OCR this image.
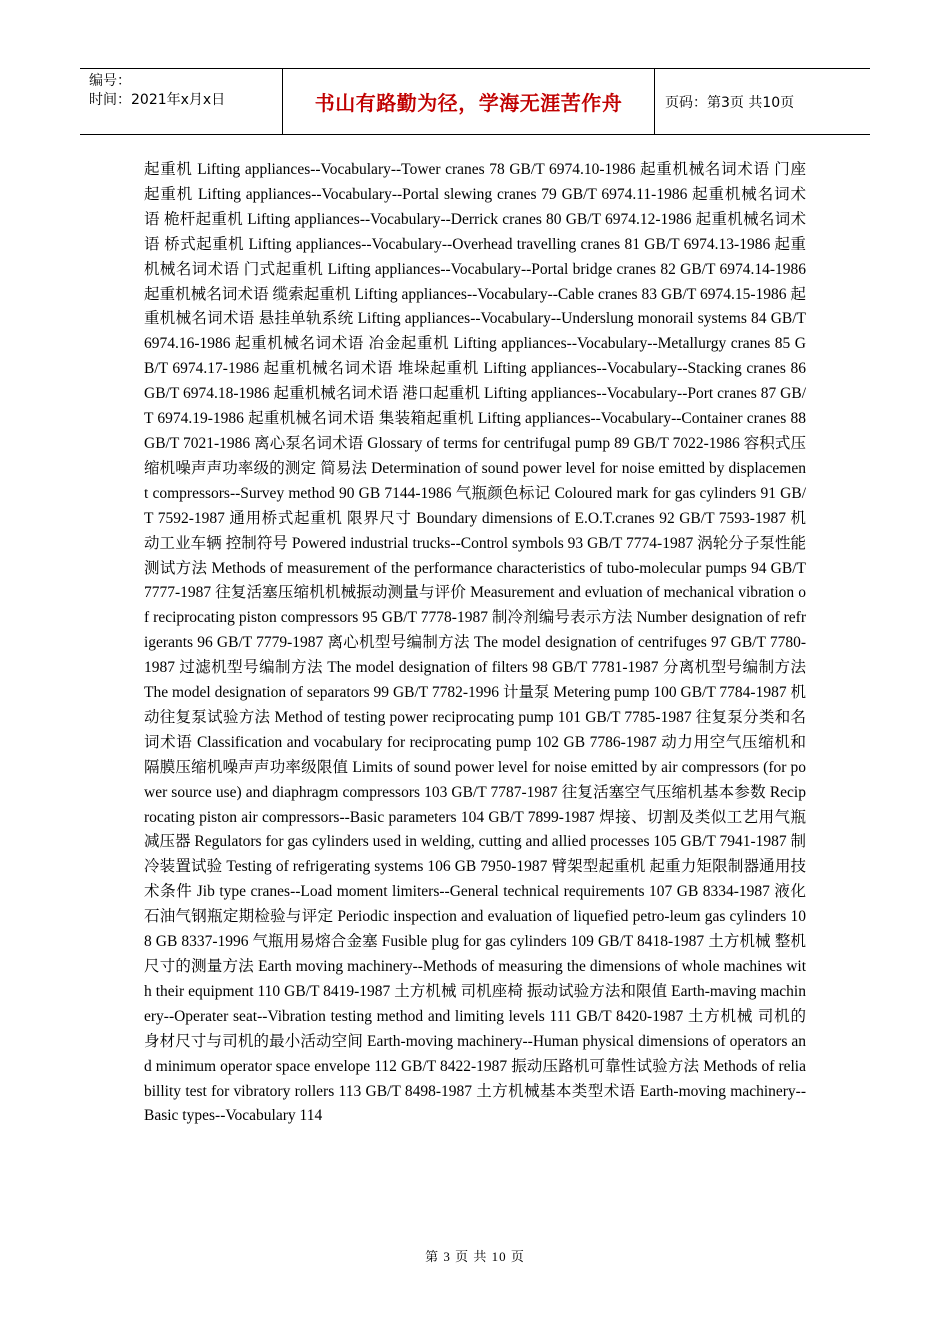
编号：
时间：2021年x月x日	书山有路勤为径，学海无涯苦作舟	页码：第3页 共10页
起重机 Lifting appliances--Vocabulary--Tower cranes 78 GB/T 6974.10-1986 起重机械名词术语 门座起重机 Lifting appliances--Vocabulary--Portal slewing cranes 79 GB/T 6974.11-1986 起重机械名词术语 桅杆起重机 Lifting appliances--Vocabulary--Derrick cranes 80 GB/T 6974.12-1986 起重机械名词术语 桥式起重机 Lifting appliances--Vocabulary--Overhead travelling cranes 81 GB/T 6974.13-1986 起重机械名词术语 门式起重机 Lifting appliances--Vocabulary--Portal bridge cranes 82 GB/T 6974.14-1986 起重机械名词术语 缆索起重机 Lifting appliances--Vocabulary--Cable cranes 83 GB/T 6974.15-1986 起重机械名词术语 悬挂单轨系统 Lifting appliances--Vocabulary--Underslung monorail systems 84 GB/T 6974.16-1986 起重机械名词术语 冶金起重机 Lifting appliances--Vocabulary--Metallurgy cranes 85 GB/T 6974.17-1986 起重机械名词术语 堆垛起重机 Lifting appliances--Vocabulary--Stacking cranes 86 GB/T 6974.18-1986 起重机械名词术语 港口起重机 Lifting appliances--Vocabulary--Port cranes 87 GB/T 6974.19-1986 起重机械名词术语 集装箱起重机 Lifting appliances--Vocabulary--Container cranes 88 GB/T 7021-1986 离心泵名词术语 Glossary of terms for centrifugal pump 89 GB/T 7022-1986 容积式压缩机噪声声功率级的测定 简易法 Determination of sound power level for noise emitted by displacement compressors--Survey method 90 GB 7144-1986 气瓶颜色标记 Coloured mark for gas cylinders 91 GB/T 7592-1987 通用桥式起重机 限界尺寸 Boundary dimensions of E.O.T.cranes 92 GB/T 7593-1987 机动工业车辆 控制符号 Powered industrial trucks--Control symbols 93 GB/T 7774-1987 涡轮分子泵性能测试方法 Methods of measurement of the performance characteristics of tubo-molecular pumps 94 GB/T 7777-1987 往复活塞压缩机机械振动测量与评价 Measurement and evluation of mechanical vibration of reciprocating piston compressors 95 GB/T 7778-1987 制冷剂编号表示方法 Number designation of refrigerants 96 GB/T 7779-1987 离心机型号编制方法 The model designation of centrifuges 97 GB/T 7780-1987 过滤机型号编制方法 The model designation of filters 98 GB/T 7781-1987 分离机型号编制方法 The model designation of separators 99 GB/T 7782-1996 计量泵 Metering pump 100 GB/T 7784-1987 机动往复泵试验方法 Method of testing power reciprocating pump 101 GB/T 7785-1987 往复泵分类和名词术语 Classification and vocabulary for reciprocating pump 102 GB 7786-1987 动力用空气压缩机和隔膜压缩机噪声声功率级限值 Limits of sound power level for noise emitted by air compressors (for power source use) and diaphragm compressors 103 GB/T 7787-1987 往复活塞空气压缩机基本参数 Reciprocating piston air compressors--Basic parameters 104 GB/T 7899-1987 焊接、切割及类似工艺用气瓶减压器 Regulators for gas cylinders used in welding, cutting and allied processes 105 GB/T 7941-1987 制冷装置试验 Testing of refrigerating systems 106 GB 7950-1987 臂架型起重机 起重力矩限制器通用技术条件 Jib type cranes--Load moment limiters--General technical requirements 107 GB 8334-1987 液化石油气钢瓶定期检验与评定 Periodic inspection and evaluation of liquefied petro-leum gas cylinders 108 GB 8337-1996 气瓶用易熔合金塞 Fusible plug for gas cylinders 109 GB/T 8418-1987 土方机械 整机尺寸的测量方法 Earth moving machinery--Methods of measuring the dimensions of whole machines with their equipment 110 GB/T 8419-1987 土方机械 司机座椅 振动试验方法和限值 Earth-maving machinery--Operater seat--Vibration testing method and limiting levels 111 GB/T 8420-1987 土方机械 司机的身材尺寸与司机的最小活动空间 Earth-moving machinery--Human physical dimensions of operators and minimum operator space envelope 112 GB/T 8422-1987 振动压路机可靠性试验方法 Methods of reliabillity test for vibratory rollers 113 GB/T 8498-1987 土方机械基本类型术语 Earth-moving machinery--Basic types--Vocabulary 114
第 3 页 共 10 页
